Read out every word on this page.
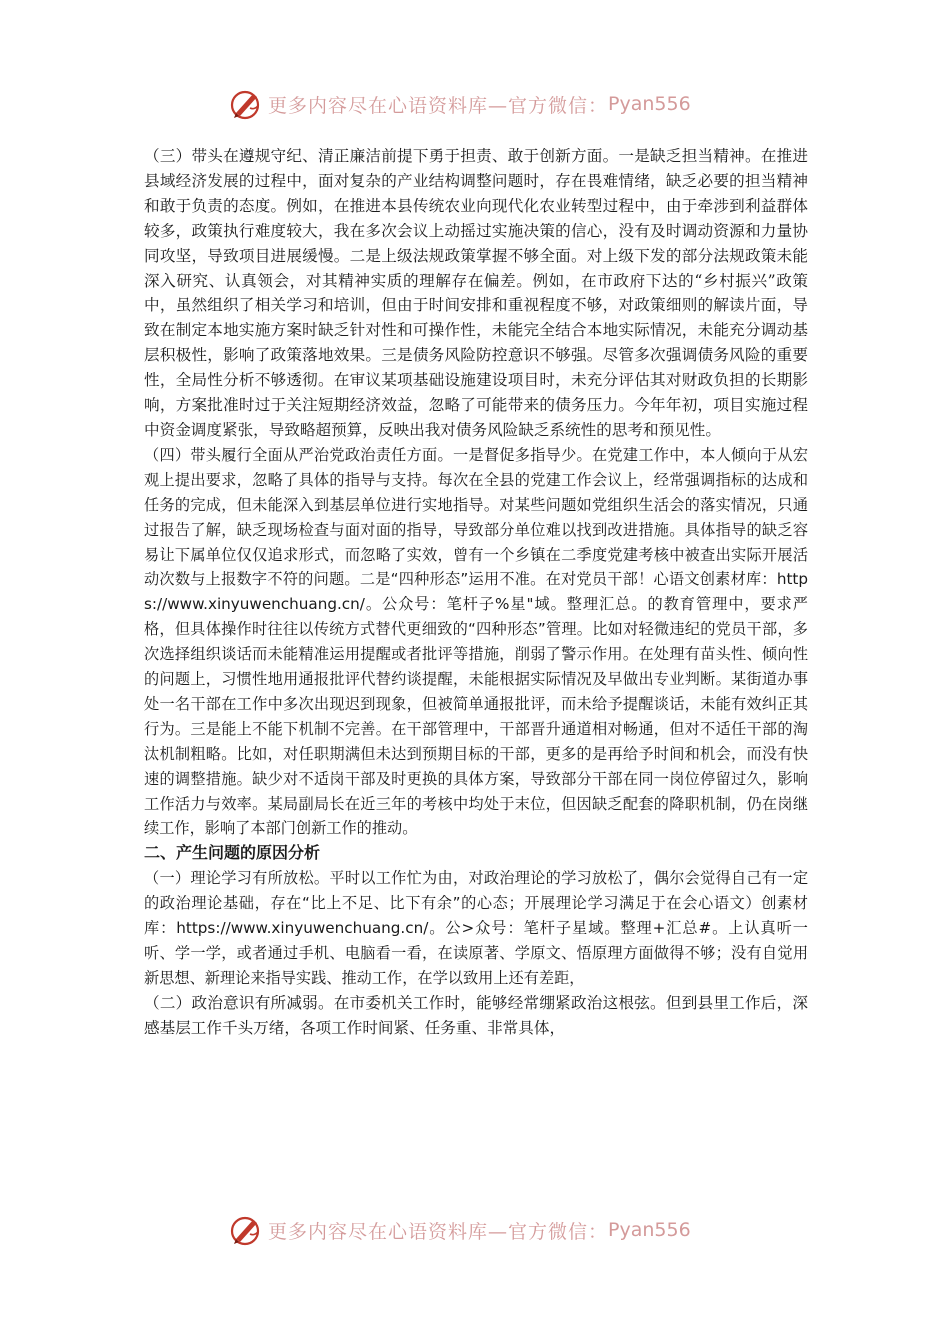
更多内容尽在心语资料库—官方微信： Pyan556

（三）带头在遵规守纪、清正廉洁前提下勇于担责、敢于创新方面。一是缺乏担当精神。在推进县域经济发展的过程中，面对复杂的产业结构调整问题时，存在畏难情绪，缺乏必要的担当精神和敢于负责的态度。例如，在推进本县传统农业向现代化农业转型过程中，由于牵涉到利益群体较多，政策执行难度较大，我在多次会议上动摇过实施决策的信心，没有及时调动资源和力量协同攻坚，导致项目进展缓慢。二是上级法规政策掌握不够全面。对上级下发的部分法规政策未能深入研究、认真领会，对其精神实质的理解存在偏差。例如，在市政府下达的“乡村振兴”政策中，虽然组织了相关学习和培训，但由于时间安排和重视程度不够，对政策细则的解读片面，导致在制定本地实施方案时缺乏针对性和可操作性，未能完全结合本地实际情况，未能充分调动基层积极性，影响了政策落地效果。三是债务风险防控意识不够强。尽管多次强调债务风险的重要性，全局性分析不够透彻。在审议某项基础设施建设项目时，未充分评估其对财政负担的长期影响，方案批准时过于关注短期经济效益，忽略了可能带来的债务压力。今年年初，项目实施过程中资金调度紧张，导致略超预算，反映出我对债务风险缺乏系统性的思考和预见性。

（四）带头履行全面从严治党政治责任方面。一是督促多指导少。在党建工作中，本人倾向于从宏观上提出要求，忽略了具体的指导与支持。每次在全县的党建工作会议上，经常强调指标的达成和任务的完成，但未能深入到基层单位进行实地指导。对某些问题如党组织生活会的落实情况，只通过报告了解，缺乏现场检查与面对面的指导，导致部分单位难以找到改进措施。具体指导的缺乏容易让下属单位仅仅追求形式，而忽略了实效，曾有一个乡镇在二季度党建考核中被查出实际开展活动次数与上报数字不符的问题。二是“四种形态”运用不准。在对党员干部！心语文创素材库：https://www.xinyuwenchuang.cn/。公众号：笔杆子%星"域。整理汇总。的教育管理中，要求严格，但具体操作时往往以传统方式替代更细致的“四种形态”管理。比如对轻微违纪的党员干部，多次选择组织谈话而未能精准运用提醒或者批评等措施，削弱了警示作用。在处理有苗头性、倾向性的问题上，习惯性地用通报批评代替约谈提醒，未能根据实际情况及早做出专业判断。某街道办事处一名干部在工作中多次出现迟到现象，但被简单通报批评，而未给予提醒谈话，未能有效纠正其行为。三是能上不能下机制不完善。在干部管理中，干部晋升通道相对畅通，但对不适任干部的淘汰机制粗略。比如，对任职期满但未达到预期目标的干部，更多的是再给予时间和机会，而没有快速的调整措施。缺少对不适岗干部及时更换的具体方案，导致部分干部在同一岗位停留过久，影响工作活力与效率。某局副局长在近三年的考核中均处于末位，但因缺乏配套的降职机制，仍在岗继续工作，影响了本部门创新工作的推动。

二、产生问题的原因分析

（一）理论学习有所放松。平时以工作忙为由，对政治理论的学习放松了，偶尔会觉得自己有一定的政治理论基础，存在“比上不足、比下有余”的心态；开展理论学习满足于在会心语文）创素材库：https://www.xinyuwenchuang.cn/。公>众号：笔杆子星域。整理+汇总#。上认真听一听、学一学，或者通过手机、电脑看一看，在读原著、学原文、悟原理方面做得不够；没有自觉用新思想、新理论来指导实践、推动工作，在学以致用上还有差距，

（二）政治意识有所减弱。在市委机关工作时，能够经常绷紧政治这根弦。但到县里工作后，深感基层工作千头万绪，各项工作时间紧、任务重、非常具体，

更多内容尽在心语资料库—官方微信： Pyan556
